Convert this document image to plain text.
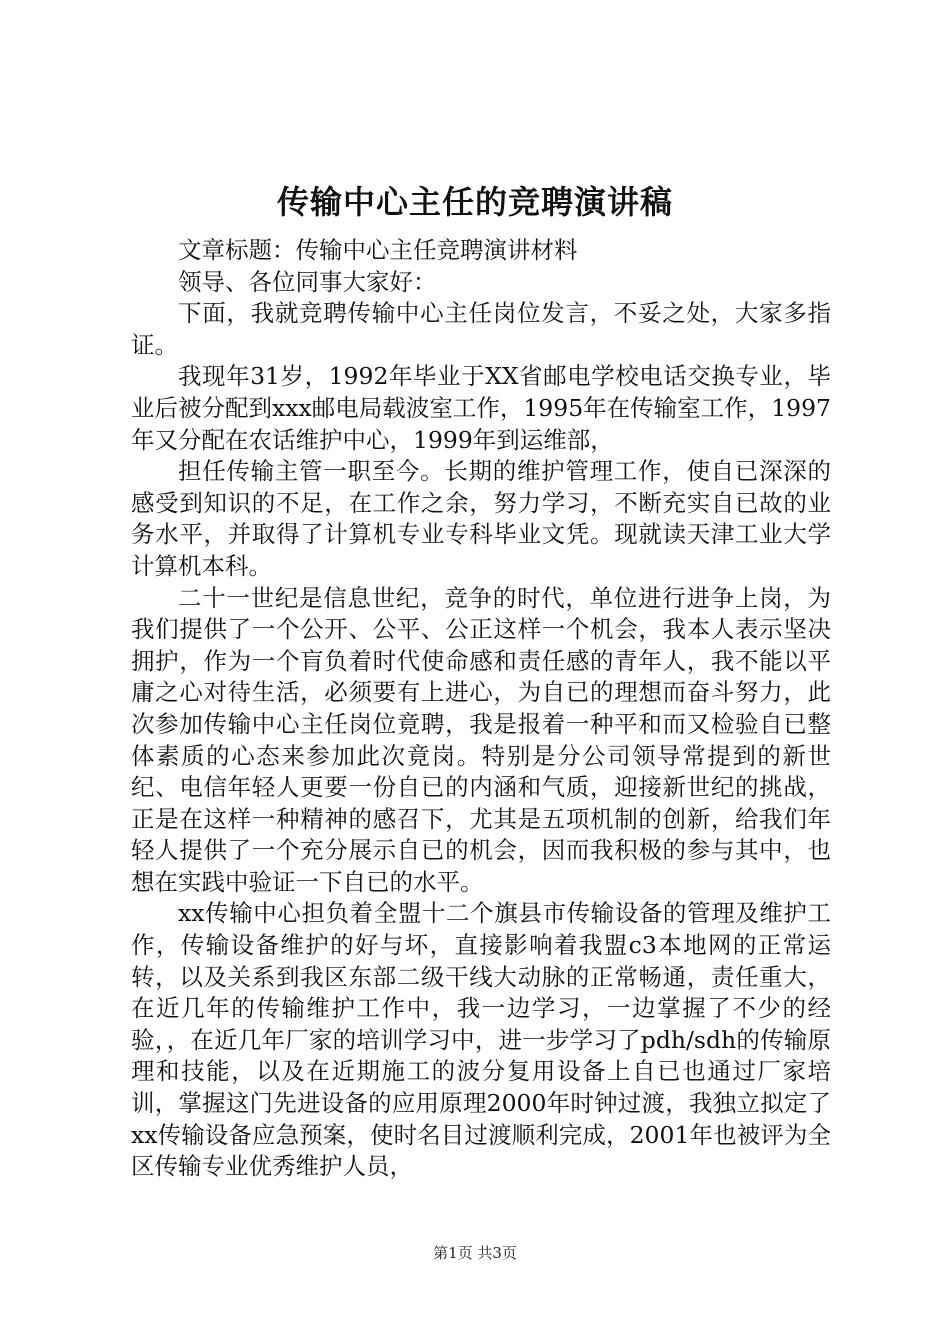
传输中心主任的竞聘演讲稿

文章标题：传输中心主任竞聘演讲材料

领导、各位同事大家好：

下面，我就竞聘传输中心主任岗位发言，不妥之处，大家多指证。

我现年31岁，1992年毕业于XX省邮电学校电话交换专业，毕业后被分配到xxx邮电局载波室工作，1995年在传输室工作，1997年又分配在农话维护中心，1999年到运维部，

担任传输主管一职至今。长期的维护管理工作，使自已深深的感受到知识的不足，在工作之余，努力学习，不断充实自已故的业务水平，并取得了计算机专业专科毕业文凭。现就读天津工业大学计算机本科。

二十一世纪是信息世纪，竞争的时代，单位进行进争上岗，为我们提供了一个公开、公平、公正这样一个机会，我本人表示坚决拥护，作为一个肓负着时代使命感和责任感的青年人，我不能以平庸之心对待生活，必须要有上进心，为自已的理想而奋斗努力，此次参加传输中心主任岗位竟聘，我是报着一种平和而又检验自已整体素质的心态来参加此次竟岗。特别是分公司领导常提到的新世纪、电信年轻人更要一份自已的内涵和气质，迎接新世纪的挑战，正是在这样一种精神的感召下，尤其是五项机制的创新，给我们年轻人提供了一个充分展示自已的机会，因而我积极的参与其中，也想在实践中验证一下自已的水平。

xx传输中心担负着全盟十二个旗县市传输设备的管理及维护工作，传输设备维护的好与坏，直接影响着我盟c3本地网的正常运转，以及关系到我区东部二级干线大动脉的正常畅通，责任重大，在近几年的传输维护工作中，我一边学习，一边掌握了不少的经验，，在近几年厂家的培训学习中，进一步学习了pdh/sdh的传输原理和技能，以及在近期施工的波分复用设备上自已也通过厂家培训，掌握这门先进设备的应用原理2000年时钟过渡，我独立拟定了xx传输设备应急预案，使时名目过渡顺利完成，2001年也被评为全区传输专业优秀维护人员，

第1页 共3页
